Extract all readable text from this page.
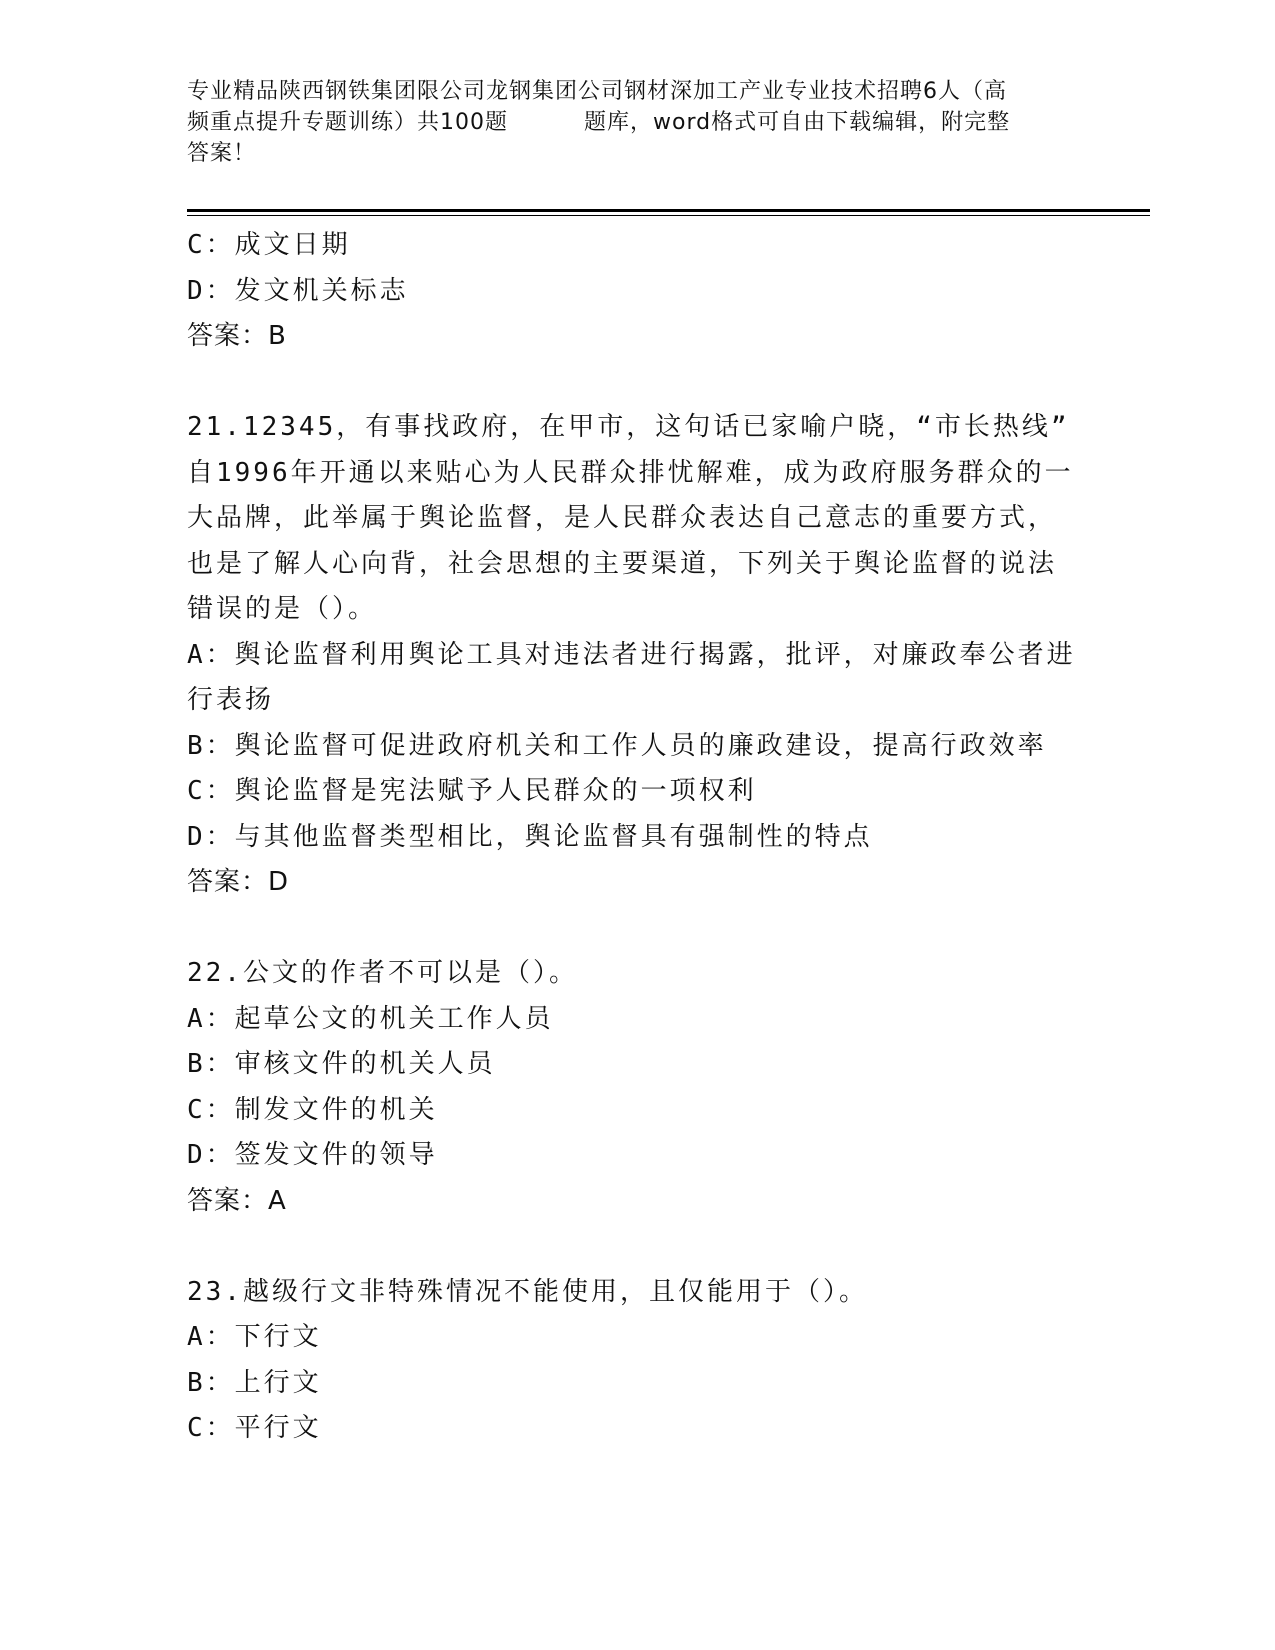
专业精品陕西钢铁集团限公司龙钢集团公司钢材深加工产业专业技术招聘6人（高
频重点提升专题训练）共100题	题库，word格式可自由下载编辑，附完整
答案！
C：成文日期
D：发文机关标志
答案：B
21.12345，有事找政府，在甲市，这句话已家喻户晓，“市长热线”
自1996年开通以来贴心为人民群众排忧解难，成为政府服务群众的一
大品牌，此举属于舆论监督，是人民群众表达自己意志的重要方式，
也是了解人心向背，社会思想的主要渠道，下列关于舆论监督的说法
错误的是（）。
A：舆论监督利用舆论工具对违法者进行揭露，批评，对廉政奉公者进
行表扬
B：舆论监督可促进政府机关和工作人员的廉政建设，提高行政效率
C：舆论监督是宪法赋予人民群众的一项权利
D：与其他监督类型相比，舆论监督具有强制性的特点
答案：D
22.公文的作者不可以是（）。
A：起草公文的机关工作人员
B：审核文件的机关人员
C：制发文件的机关
D：签发文件的领导
答案：A
23.越级行文非特殊情况不能使用，且仅能用于（）。
A：下行文
B：上行文
C：平行文
